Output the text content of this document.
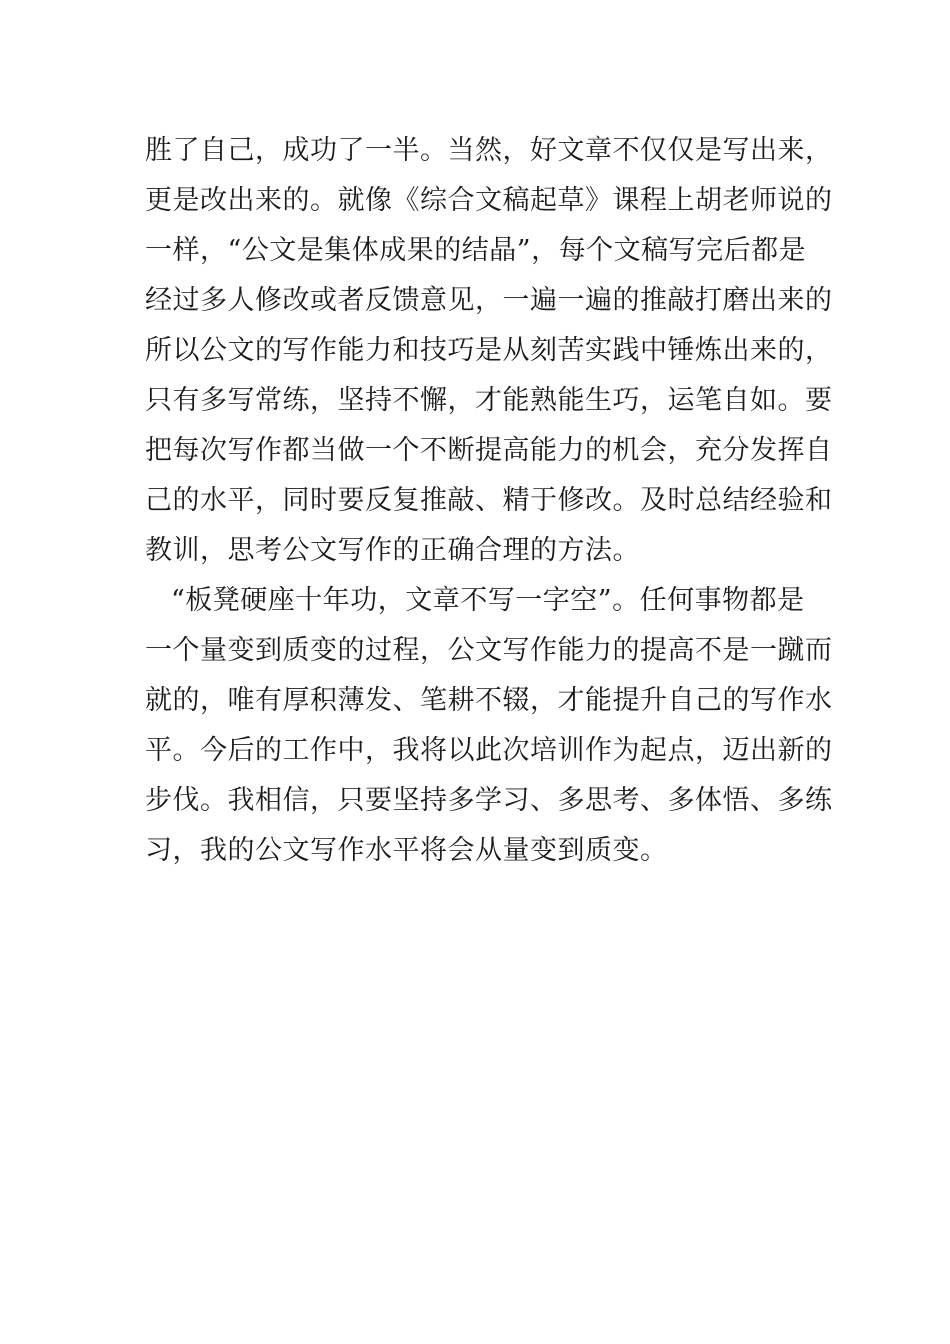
胜了自己，成功了一半。当然，好文章不仅仅是写出来，
更是改出来的。就像《综合文稿起草》课程上胡老师说的
一样，“公文是集体成果的结晶”，每个文稿写完后都是
经过多人修改或者反馈意见，一遍一遍的推敲打磨出来的
所以公文的写作能力和技巧是从刻苦实践中锤炼出来的，
只有多写常练，坚持不懈，才能熟能生巧，运笔自如。要
把每次写作都当做一个不断提高能力的机会，充分发挥自
己的水平，同时要反复推敲、精于修改。及时总结经验和
教训，思考公文写作的正确合理的方法。
“板凳硬座十年功，文章不写一字空”。任何事物都是
一个量变到质变的过程，公文写作能力的提高不是一蹴而
就的，唯有厚积薄发、笔耕不辍，才能提升自己的写作水
平。今后的工作中，我将以此次培训作为起点，迈出新的
步伐。我相信，只要坚持多学习、多思考、多体悟、多练
习，我的公文写作水平将会从量变到质变。
